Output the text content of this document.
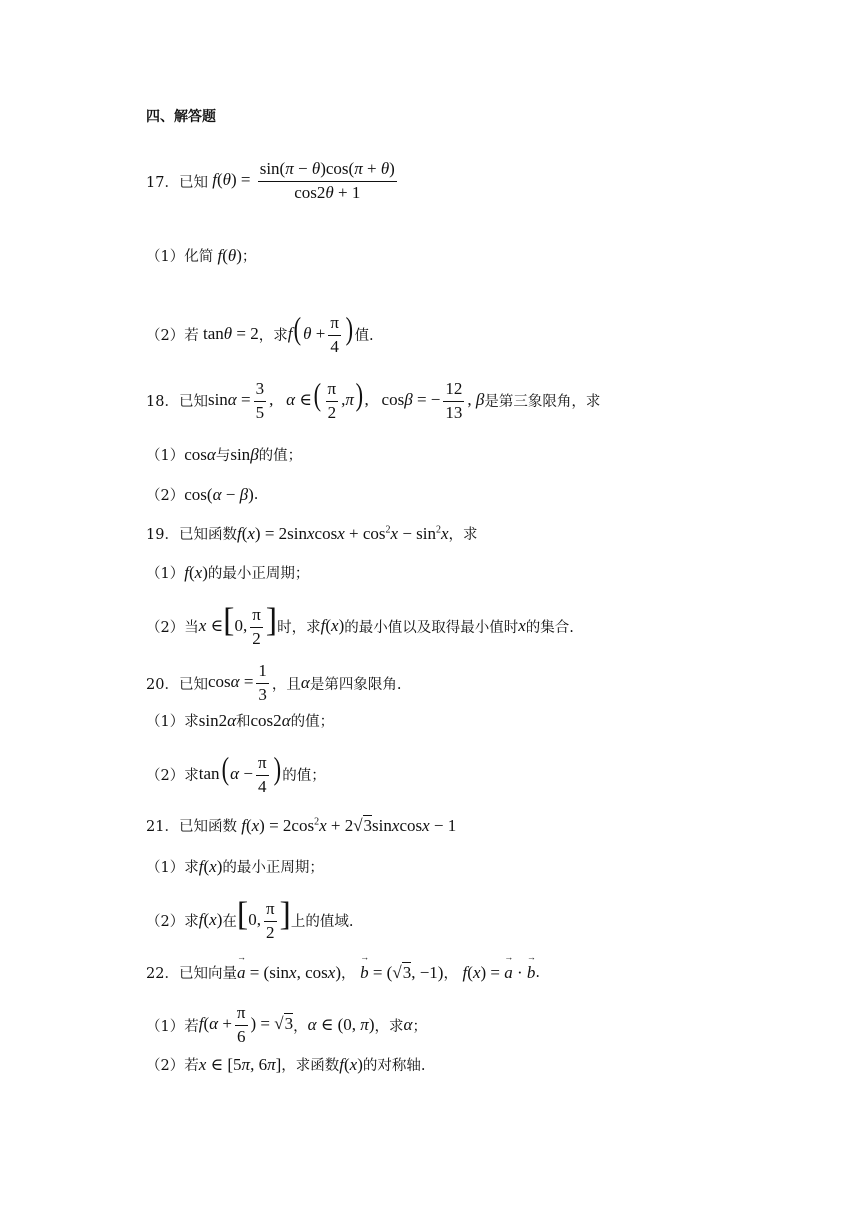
四、解答题
17． 已知 $f(\theta) = \frac{\sin(\pi - \theta)\cos(\pi + \theta)}{\cos 2\theta + 1}$
（1）化简 f(θ) ；
（2）若 tanθ = 2 ，求 $f(\theta + \frac{\pi}{4}$ ) 值.
18． 已知 $\sin\alpha = \frac{3}{5}$ ,   α ∈( $\frac{\pi}{2} ,\pi$),   cosβ = − $\frac{12}{13}$ , β 是第三象限角，求
（1） cosα 与 sinβ 的值；
（2） cos(α − β) .
19． 已知函数 f(x) = 2sinxcosx + $\cos^2x - \sin^2x$ ，求
（1） f(x) 的最小正周期；
（2）当 x ∈[0, $\frac{\pi}{2}$ ] 时，求 f(x) 的最小值以及取得最小值时 x 的集合.
20． 已知 $\cos\alpha = \frac{1}{3}$ ，且 α 是第四象限角.
（1）求 sin2α 和 cos2α 的值；
（2）求 $\tan(\alpha - \frac{\pi}{4}$ ) 的值；
21． 已知函数 $f(x) = 2\cos^2x$ + 2√3sinxcosx − 1
（1）求 f(x) 的最小正周期；
（2）求 f(x) 在 [0, $\frac{\pi}{2}$ ] 上的值域.
22． 已知向量 → a = (sinx, cosx) ，
→ b = (√3, −1) ，
f(x) = → a · → b .
（1）若 $f(\alpha + \frac{\pi}{6}$ ) = √3 ， α ∈ (0, π) ，求 α ；
（2）若 x ∈ [5π, 6π] ，求函数 f(x) 的对称轴.
